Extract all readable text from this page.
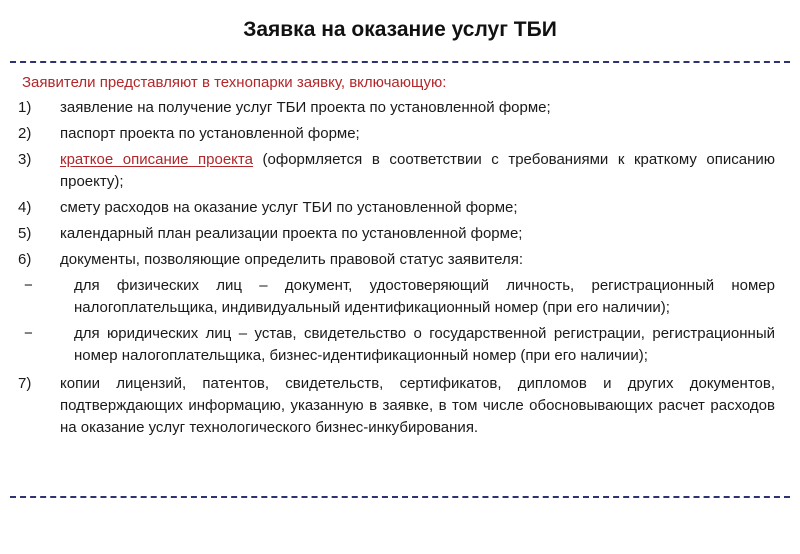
Заявка на оказание услуг ТБИ
Заявители представляют в технопарки заявку, включающую:
1)	заявление на получение услуг ТБИ проекта по установленной форме;
2)	паспорт проекта по установленной форме;
3)	краткое описание проекта (оформляется в соответствии с требованиями к краткому описанию проекту);
4)	смету расходов на оказание услуг ТБИ по установленной форме;
5)	календарный план реализации проекта по установленной форме;
6)	документы, позволяющие определить правовой статус заявителя:
−	для физических лиц – документ, удостоверяющий личность, регистрационный номер налогоплательщика, индивидуальный идентификационный номер (при его наличии);
−	для юридических лиц – устав, свидетельство о государственной регистрации, регистрационный номер налогоплательщика, бизнес-идентификационный номер (при его наличии);
7)	копии лицензий, патентов, свидетельств, сертификатов, дипломов и других документов, подтверждающих информацию, указанную в заявке, в том числе обосновывающих расчет расходов на оказание услуг технологического бизнес-инкубирования.
